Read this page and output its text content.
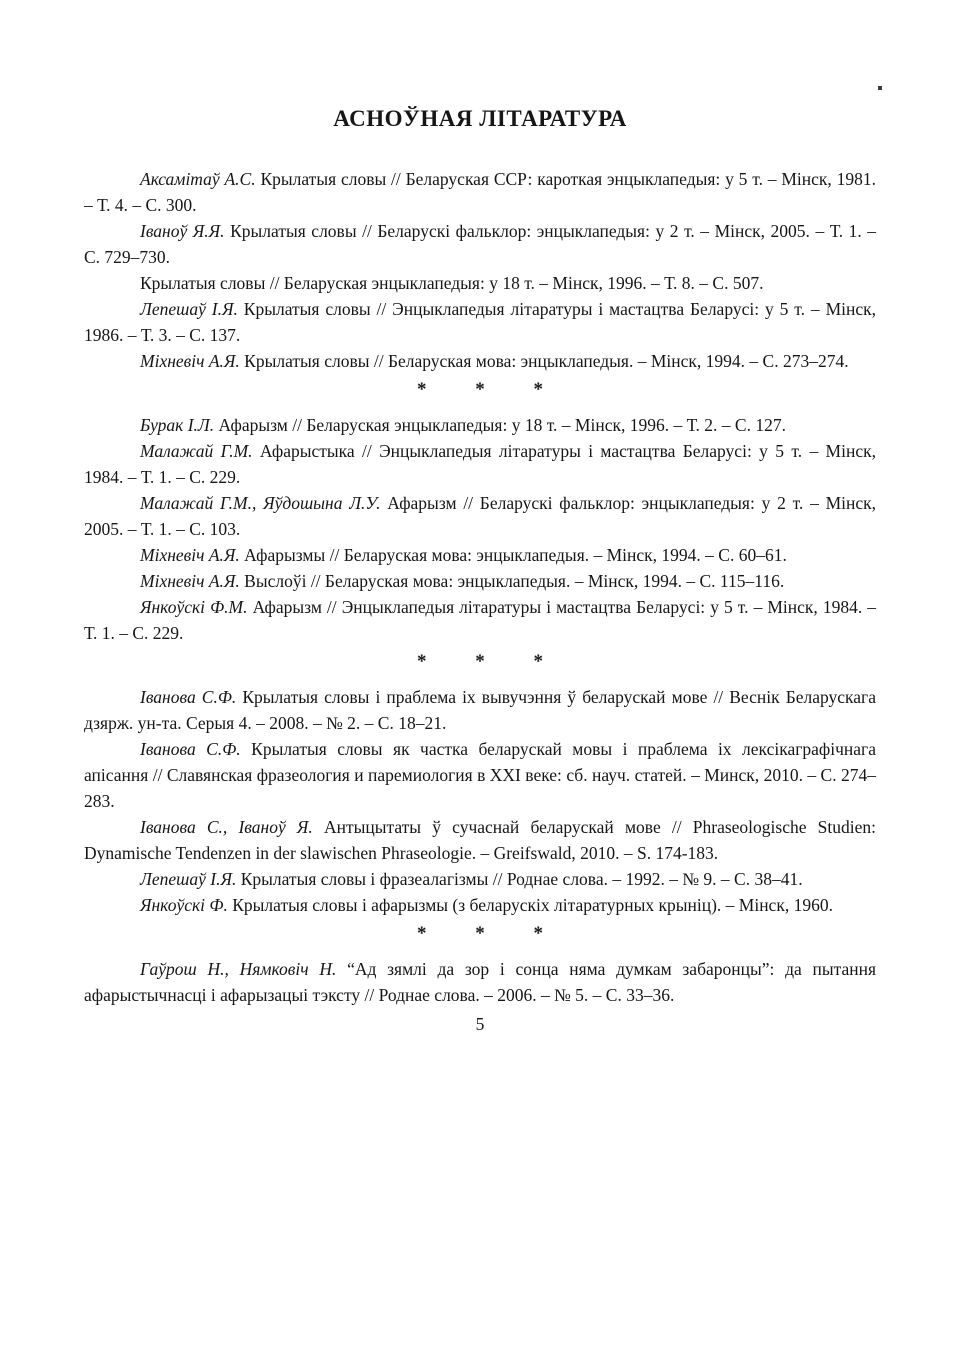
АСНОЎНАЯ ЛІТАРАТУРА

Аксамітаў А.С. Крылатыя словы // Беларуская ССР: кароткая энцыклапедыя: у 5 т. – Мінск, 1981. – Т. 4. – С. 300.

Іваноў Я.Я. Крылатыя словы // Беларускі фальклор: энцыклапедыя: у 2 т. – Мінск, 2005. – Т. 1. – С. 729–730.

Крылатыя словы // Беларуская энцыклапедыя: у 18 т. – Мінск, 1996. – Т. 8. – С. 507.

Лепешаў І.Я. Крылатыя словы // Энцыклапедыя літаратуры і мастацтва Беларусі: у 5 т. – Мінск, 1986. – Т. 3. – С. 137.

Міхневіч А.Я. Крылатыя словы // Беларуская мова: энцыклапедыя. – Мінск, 1994. – С. 273–274.

* * *

Бурак І.Л. Афарызм // Беларуская энцыклапедыя: у 18 т. – Мінск, 1996. – Т. 2. – С. 127.

Малажай Г.М. Афарыстыка // Энцыклапедыя літаратуры і мастацтва Беларусі: у 5 т. – Мінск, 1984. – Т. 1. – С. 229.

Малажай Г.М., Яўдошына Л.У. Афарызм // Беларускі фальклор: энцыклапедыя: у 2 т. – Мінск, 2005. – Т. 1. – С. 103.

Міхневіч А.Я. Афарызмы // Беларуская мова: энцыклапедыя. – Мінск, 1994. – С. 60–61.

Міхневіч А.Я. Выслоўі // Беларуская мова: энцыклапедыя. – Мінск, 1994. – С. 115–116.

Янкоўскі Ф.М. Афарызм // Энцыклапедыя літаратуры і мастацтва Беларусі: у 5 т. – Мінск, 1984. – Т. 1. – С. 229.

* * *

Іванова С.Ф. Крылатыя словы і праблема іх вывучэння ў беларускай мове // Веснік Беларускага дзярж. ун-та. Серыя 4. – 2008. – № 2. – С. 18–21.

Іванова С.Ф. Крылатыя словы як частка беларускай мовы і праблема іх лексікаграфічнага апісання // Славянская фразеология и паремиология в XXI веке: сб. науч. статей. – Минск, 2010. – С. 274–283.

Іванова С., Іваноў Я. Антыцытаты ў сучаснай беларускай мове // Phraseologische Studien: Dynamische Tendenzen in der slawischen Phraseologie. – Greifswald, 2010. – S. 174-183.

Лепешаў І.Я. Крылатыя словы і фразеалагізмы // Роднае слова. – 1992. – № 9. – С. 38–41.

Янкоўскі Ф. Крылатыя словы і афарызмы (з беларускіх літаратурных крыніц). – Мінск, 1960.

* * *

Гаўрош Н., Нямковіч Н. “Ад зямлі да зор і сонца няма думкам забаронцы”: да пытання афарыстычнасці і афарызацыі тэксту // Роднае слова. – 2006. – № 5. – С. 33–36.

5
